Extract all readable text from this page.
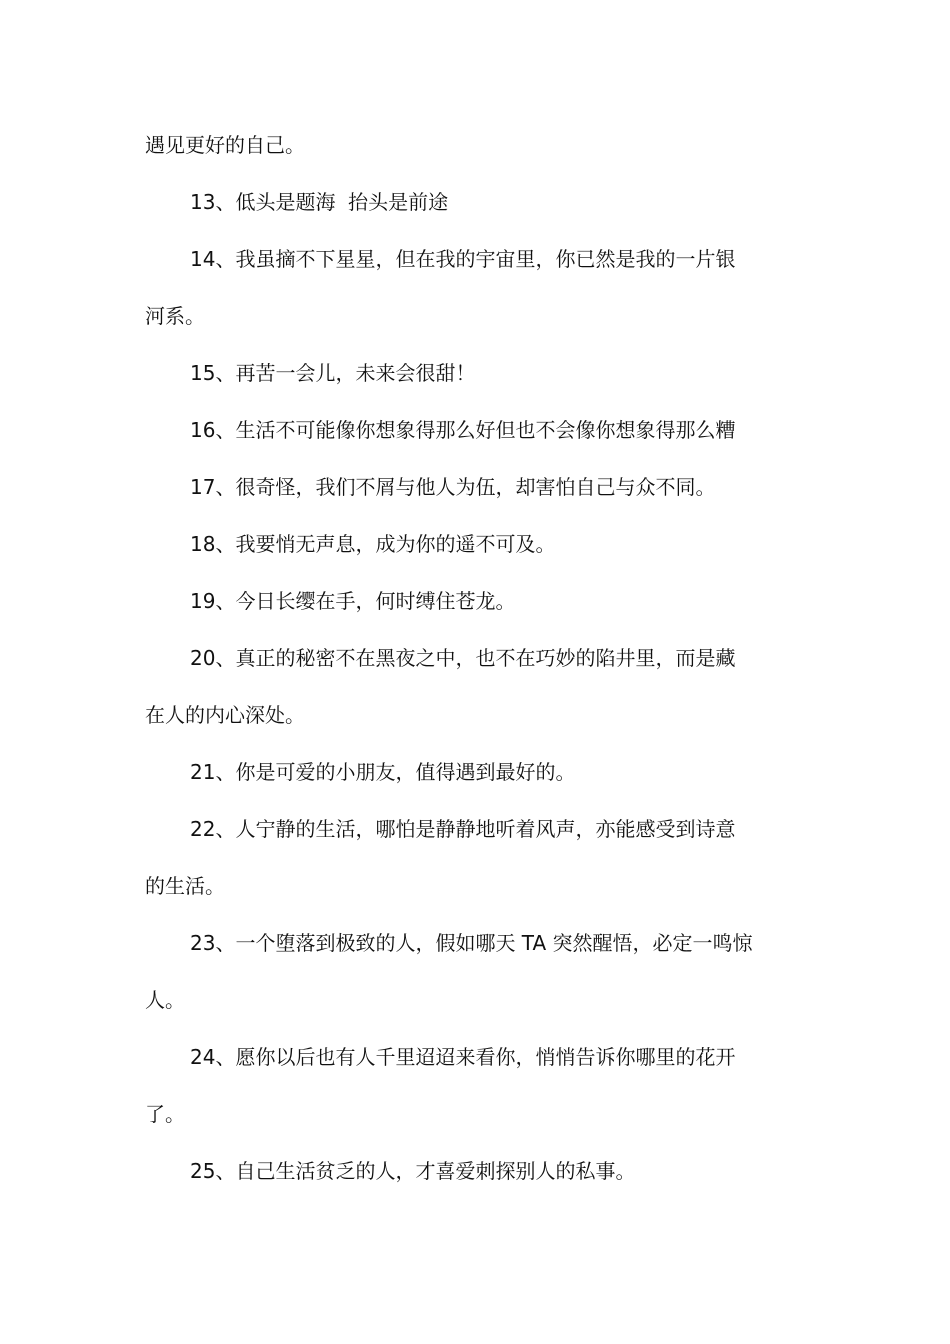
遇见更好的自己。
13、低头是题海  抬头是前途
14、我虽摘不下星星，但在我的宇宙里，你已然是我的一片银
河系。
15、再苦一会儿，未来会很甜！
16、生活不可能像你想象得那么好但也不会像你想象得那么糟
17、很奇怪，我们不屑与他人为伍，却害怕自己与众不同。
18、我要悄无声息，成为你的遥不可及。
19、今日长缨在手，何时缚住苍龙。
20、真正的秘密不在黑夜之中，也不在巧妙的陷井里，而是藏
在人的内心深处。
21、你是可爱的小朋友，值得遇到最好的。
22、人宁静的生活，哪怕是静静地听着风声，亦能感受到诗意
的生活。
23、一个堕落到极致的人，假如哪天 TA 突然醒悟，必定一鸣惊
人。
24、愿你以后也有人千里迢迢来看你，悄悄告诉你哪里的花开
了。
25、自己生活贫乏的人，才喜爱刺探别人的私事。
